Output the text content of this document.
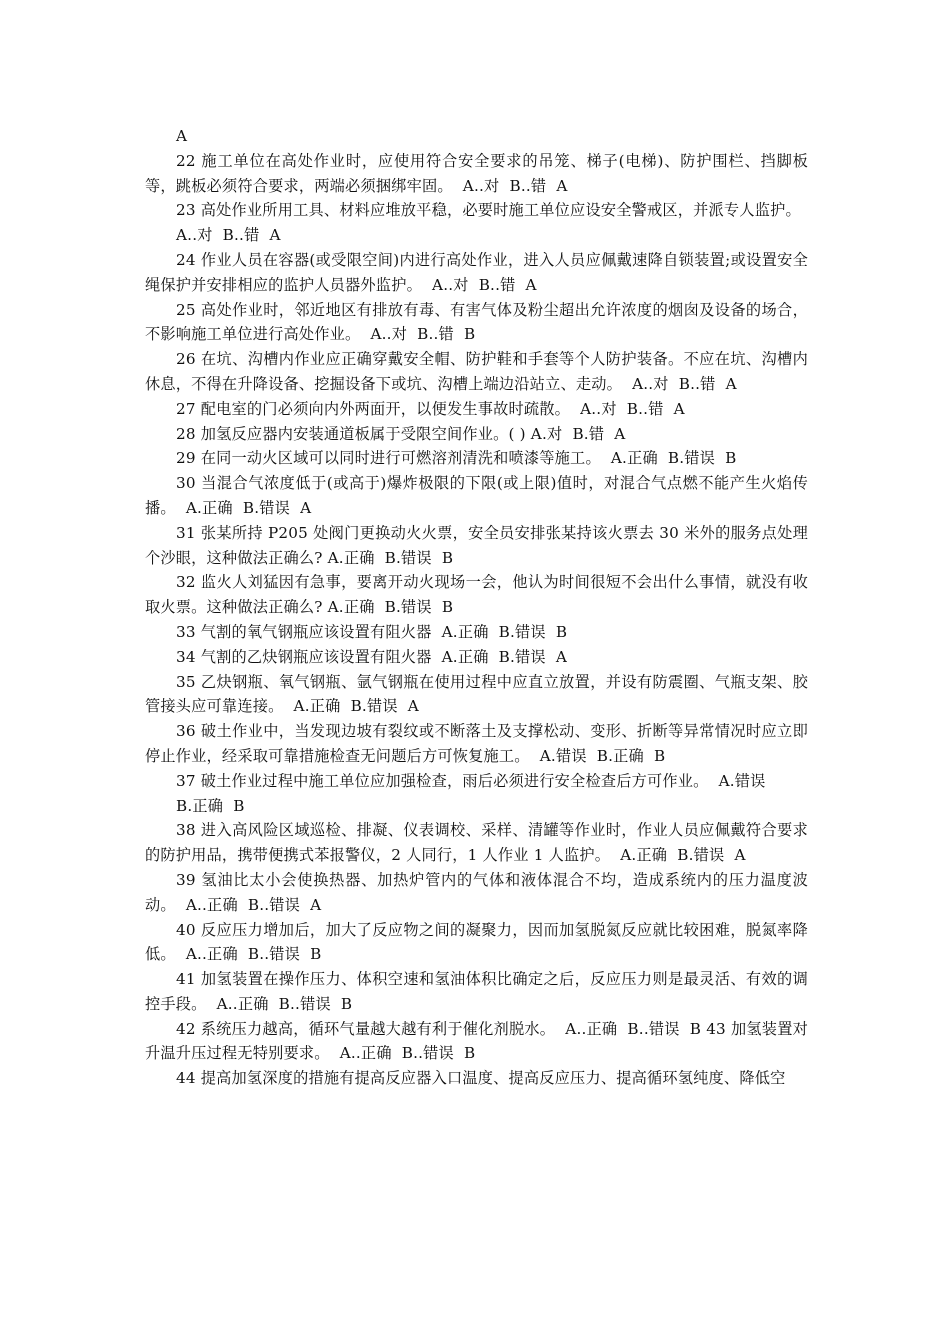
A

22 施工单位在高处作业时，应使用符合安全要求的吊笼、梯子(电梯)、防护围栏、挡脚板等，跳板必须符合要求，两端必须捆绑牢固。  A..对  B..错  A

23 高处作业所用工具、材料应堆放平稳，必要时施工单位应设安全警戒区，并派专人监护。

A..对  B..错  A

24 作业人员在容器(或受限空间)内进行高处作业，进入人员应佩戴速降自锁装置;或设置安全绳保护并安排相应的监护人员器外监护。  A..对  B..错  A

25 高处作业时，邻近地区有排放有毒、有害气体及粉尘超出允许浓度的烟囱及设备的场合，不影响施工单位进行高处作业。  A..对  B..错  B

26 在坑、沟槽内作业应正确穿戴安全帽、防护鞋和手套等个人防护装备。不应在坑、沟槽内休息，不得在升降设备、挖掘设备下或坑、沟槽上端边沿站立、走动。  A..对  B..错  A

27 配电室的门必须向内外两面开，以便发生事故时疏散。  A..对  B..错  A

28 加氢反应器内安装通道板属于受限空间作业。( ) A.对  B.错  A

29 在同一动火区域可以同时进行可燃溶剂清洗和喷漆等施工。  A.正确  B.错误  B

30 当混合气浓度低于(或高于)爆炸极限的下限(或上限)值时，对混合气点燃不能产生火焰传播。  A.正确  B.错误  A

31 张某所持 P205 处阀门更换动火火票，安全员安排张某持该火票去 30 米外的服务点处理个沙眼，这种做法正确么? A.正确  B.错误  B

32 监火人刘猛因有急事，要离开动火现场一会，他认为时间很短不会出什么事情，就没有收取火票。这种做法正确么? A.正确  B.错误  B

33 气割的氧气钢瓶应该设置有阻火器  A.正确  B.错误  B

34 气割的乙炔钢瓶应该设置有阻火器  A.正确  B.错误  A

35 乙炔钢瓶、氧气钢瓶、氩气钢瓶在使用过程中应直立放置，并设有防震圈、气瓶支架、胶管接头应可靠连接。  A.正确  B.错误  A

36 破土作业中，当发现边坡有裂纹或不断落土及支撑松动、变形、折断等异常情况时应立即停止作业，经采取可靠措施检查无问题后方可恢复施工。  A.错误  B.正确  B

37 破土作业过程中施工单位应加强检查，雨后必须进行安全检查后方可作业。  A.错误

B.正确  B

38 进入高风险区域巡检、排凝、仪表调校、采样、清罐等作业时，作业人员应佩戴符合要求的防护用品，携带便携式苯报警仪，2 人同行，1 人作业 1 人监护。  A.正确  B.错误  A

39 氢油比太小会使换热器、加热炉管内的气体和液体混合不均，造成系统内的压力温度波动。  A..正确  B..错误  A

40 反应压力增加后，加大了反应物之间的凝聚力，因而加氢脱氮反应就比较困难，脱氮率降低。  A..正确  B..错误  B

41 加氢装置在操作压力、体积空速和氢油体积比确定之后，反应压力则是最灵活、有效的调控手段。  A..正确  B..错误  B

42 系统压力越高，循环气量越大越有利于催化剂脱水。  A..正确  B..错误  B 43 加氢装置对升温升压过程无特别要求。  A..正确  B..错误  B

44 提高加氢深度的措施有提高反应器入口温度、提高反应压力、提高循环氢纯度、降低空
